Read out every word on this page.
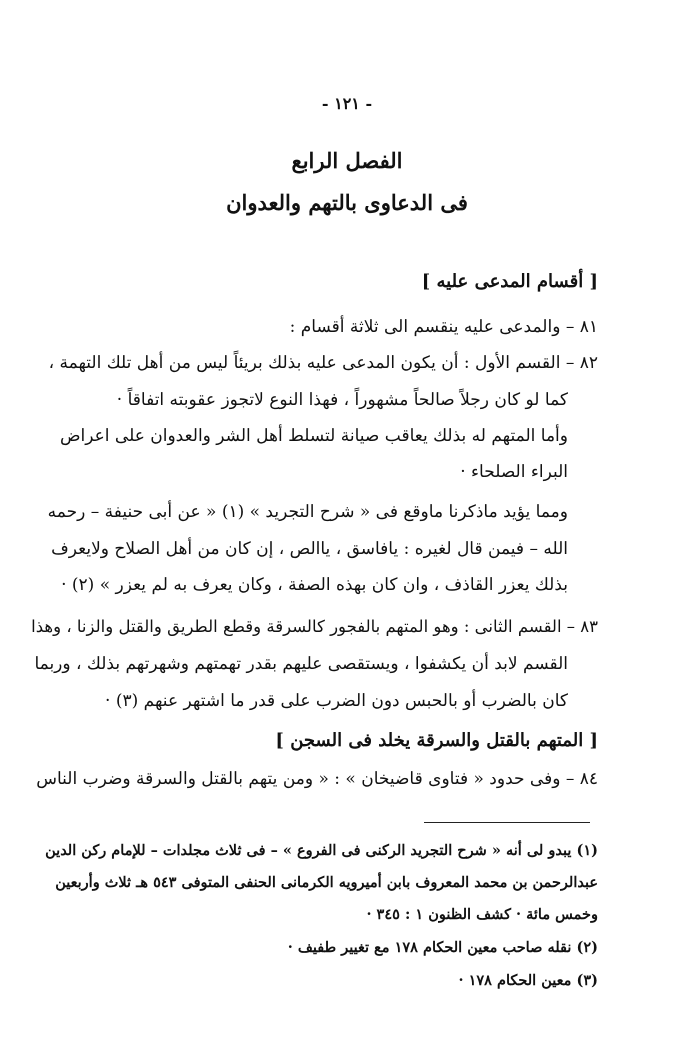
- ١٢١ -
الفصل الرابع
فى الدعاوى بالتهم والعدوان
[ أقسام المدعى عليه ]
٨١ – والمدعى عليه ينقسم الى ثلاثة أقسام :
٨٢ – القسم الأول : أن يكون المدعى عليه بذلك بريئاً ليس من أهل تلك التهمة ،
كما لو كان رجلاً صالحاً مشهوراً ، فهذا النوع لاتجوز عقوبته اتفاقاً ·
وأما المتهم له بذلك يعاقب صيانة لتسلط أهل الشر والعدوان على اعراض
البراء الصلحاء ·
ومما يؤيد ماذكرنا ماوقع فى « شرح التجريد » (١) « عن أبى حنيفة – رحمه
الله – فيمن قال لغيره : يافاسق ، ياالص ، إن كان من أهل الصلاح ولايعرف
بذلك يعزر القاذف ، وان كان بهذه الصفة ، وكان يعرف به لم يعزر » (٢) ·
٨٣ – القسم الثانى : وهو المتهم بالفجور كالسرقة وقطع الطريق والقتل والزنا ، وهذا
القسم لابد أن يكشفوا ، ويستقصى عليهم بقدر تهمتهم وشهرتهم بذلك ، وربما
كان بالضرب أو بالحبس دون الضرب على قدر ما اشتهر عنهم (٣) ·
[ المتهم بالقتل والسرقة يخلد فى السجن ]
٨٤ – وفى حدود « فتاوى قاضيخان » : « ومن يتهم بالقتل والسرقة وضرب الناس
(١) يبدو لى أنه « شرح التجريد الركنى فى الفروع » – فى ثلاث مجلدات – للإمام ركن الدين
عبدالرحمن بن محمد المعروف بابن أميرويه الكرمانى الحنفى المتوفى ٥٤٣ هـ ثلاث وأربعين
وخمس مائة · كشف الظنون ١ : ٣٤٥ ·
(٢) نقله صاحب معين الحكام ١٧٨ مع تغيير طفيف ·
(٣) معين الحكام ١٧٨ ·
